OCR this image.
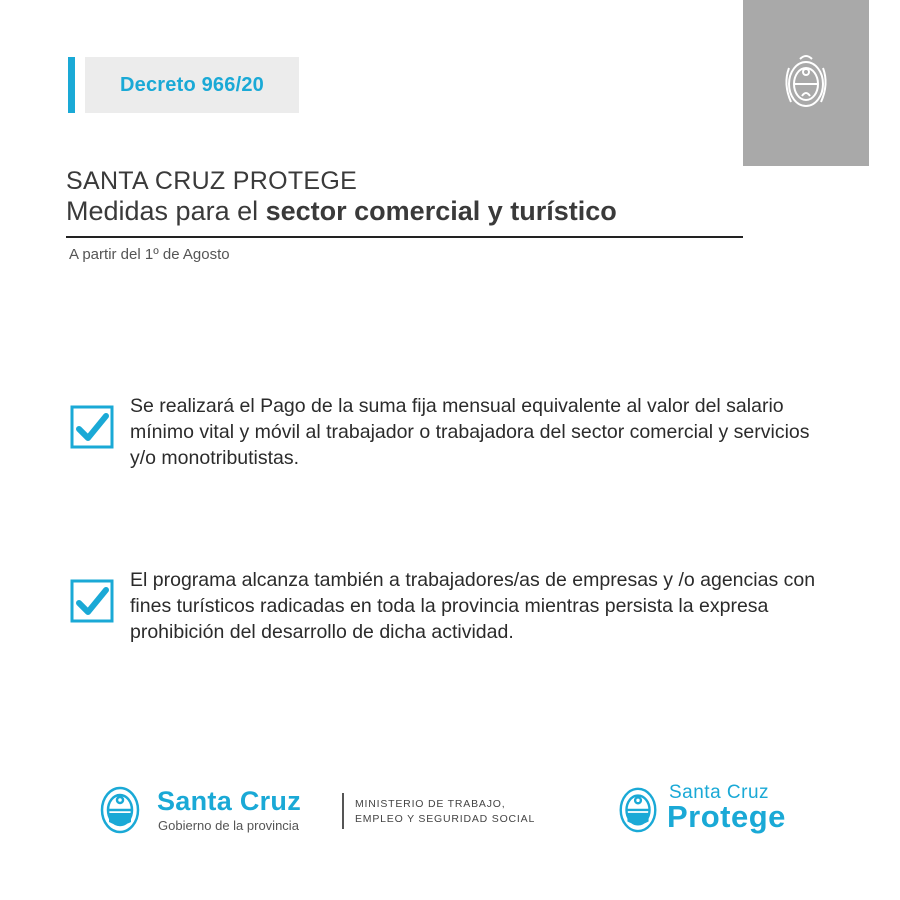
Decreto 966/20
SANTA CRUZ PROTEGE
Medidas para el sector comercial y turístico
A partir del 1º de Agosto
Se realizará el Pago de la suma fija mensual equivalente al valor del salario mínimo vital y móvil al trabajador o trabajadora del sector comercial y servicios y/o monotributistas.
El programa alcanza también a trabajadores/as de empresas y /o agencias con fines turísticos radicadas en toda la provincia mientras persista la expresa prohibición del desarrollo de dicha actividad.
Santa Cruz
Gobierno de la provincia
MINISTERIO DE TRABAJO,
EMPLEO Y SEGURIDAD SOCIAL
Santa Cruz
Protege
